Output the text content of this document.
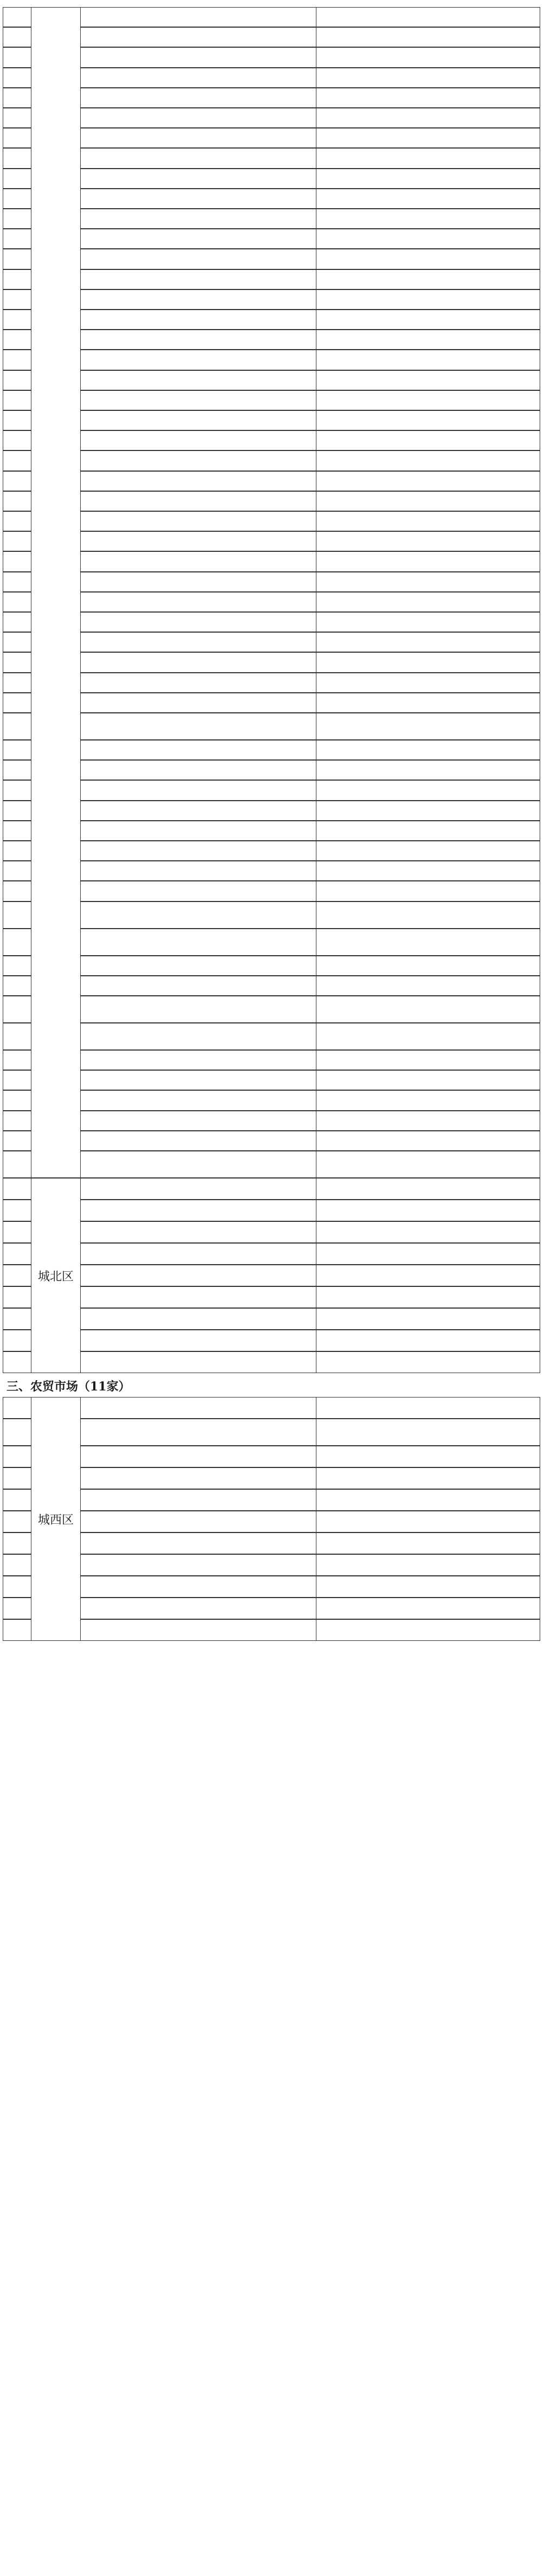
城北区
三、农贸市场（11家）
城西区
